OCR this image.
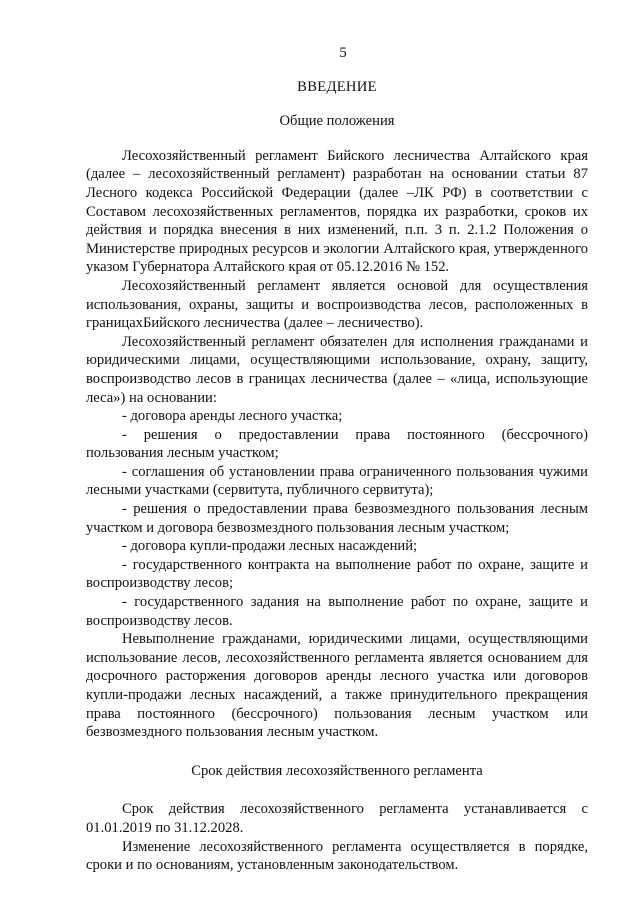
5
ВВЕДЕНИЕ
Общие положения

Лесохозяйственный регламент Бийского лесничества Алтайского края (далее – лесохозяйственный регламент) разработан на основании статьи 87 Лесного кодекса Российской Федерации (далее –ЛК РФ) в соответствии с Составом лесохозяйственных регламентов, порядка их разработки, сроков их действия и порядка внесения в них изменений, п.п. 3 п. 2.1.2 Положения о Министерстве природных ресурсов и экологии Алтайского края, утвержденного указом Губернатора Алтайского края от 05.12.2016 № 152.

Лесохозяйственный регламент является основой для осуществления использования, охраны, защиты и воспроизводства лесов, расположенных в границахБийского лесничества (далее – лесничество).

Лесохозяйственный регламент обязателен для исполнения гражданами и юридическими лицами, осуществляющими использование, охрану, защиту, воспроизводство лесов в границах лесничества (далее – «лица, использующие леса») на основании:

- договора аренды лесного участка;

- решения о предоставлении права постоянного (бессрочного) пользования лесным участком;

- соглашения об установлении права ограниченного пользования чужими лесными участками (сервитута, публичного сервитута);

- решения о предоставлении права безвозмездного пользования лесным участком и договора безвозмездного пользования лесным участком;

- договора купли-продажи лесных насаждений;

- государственного контракта на выполнение работ по охране, защите и воспроизводству лесов;

- государственного задания на выполнение работ по охране, защите и воспроизводству лесов.

Невыполнение гражданами, юридическими лицами, осуществляющими использование лесов, лесохозяйственного регламента является основанием для досрочного расторжения договоров аренды лесного участка или договоров купли-продажи лесных насаждений, а также принудительного прекращения права постоянного (бессрочного) пользования лесным участком или безвозмездного пользования лесным участком.

Срок действия лесохозяйственного регламента

Срок действия лесохозяйственного регламента устанавливается с 01.01.2019 по 31.12.2028.

Изменение лесохозяйственного регламента осуществляется в порядке, сроки и по основаниям, установленным законодательством.
